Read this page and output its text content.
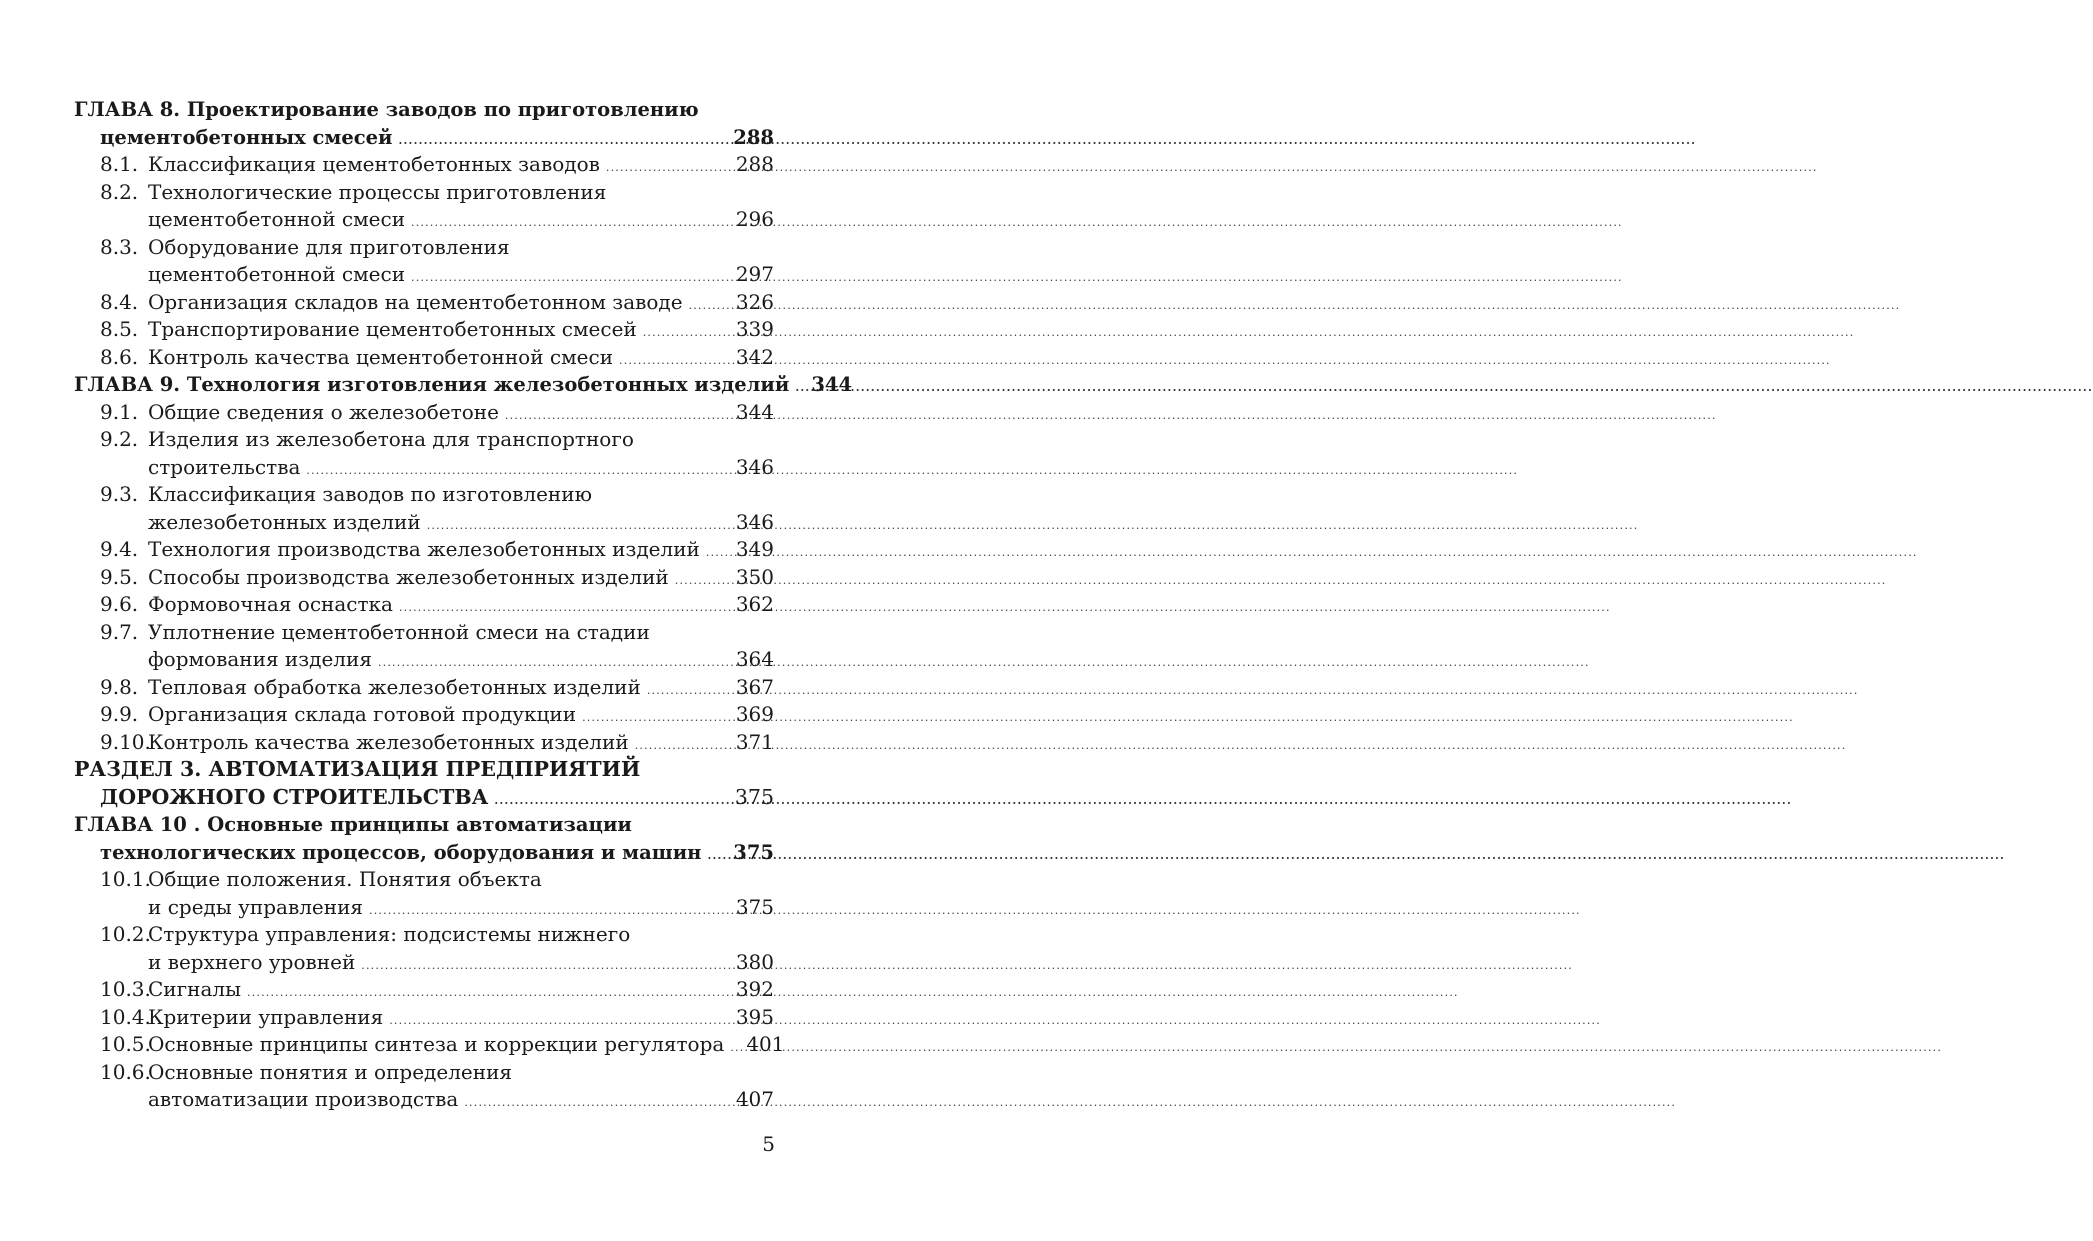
ГЛАВА 8. Проектирование заводов по приготовлению
цементобетонных смесей .....	288
8.1. Классификация цементобетонных заводов .....	288
8.2. Технологические процессы приготовления
цементобетонной смеси .....	296
8.3. Оборудование для приготовления
цементобетонной смеси .....	297
8.4. Организация складов на цементобетонном заводе .....	326
8.5. Транспортирование цементобетонных смесей .....	339
8.6. Контроль качества цементобетонной смеси .....	342
ГЛАВА 9. Технология изготовления железобетонных изделий ..... 344
9.1. Общие сведения о железобетоне .....	344
9.2. Изделия из железобетона для транспортного
строительства .....	346
9.3. Классификация заводов по изготовлению
железобетонных изделий .....	346
9.4. Технология производства железобетонных изделий ..... 349
9.5. Способы производства железобетонных изделий .....	350
9.6. Формовочная оснастка .....	362
9.7. Уплотнение цементобетонной смеси на стадии
формования изделия .....	364
9.8. Тепловая обработка железобетонных изделий .....	367
9.9. Организация склада готовой продукции .....	369
9.10.
Контроль качества железобетонных изделий .....	371
РАЗДЕЛ 3. АВТОМАТИЗАЦИЯ ПРЕДПРИЯТИЙ
ДОРОЖНОГО СТРОИТЕЛЬСТВА .....	375
ГЛАВА 10 . Основные принципы автоматизации
технологических процессов, оборудования и машин ..... 375
10.1.
Общие положения. Понятия объекта
и среды управления .....	375
10.2.
Структура управления: подсистемы нижнего
и верхнего уровней .....	380
10.3.
Сигналы .....	392
10.4.
Критерии управления .....	395
10.5.
Основные принципы синтеза и коррекции регулятора ..... 401
10.6.
Основные понятия и определения
автоматизации производства .....	407
5
